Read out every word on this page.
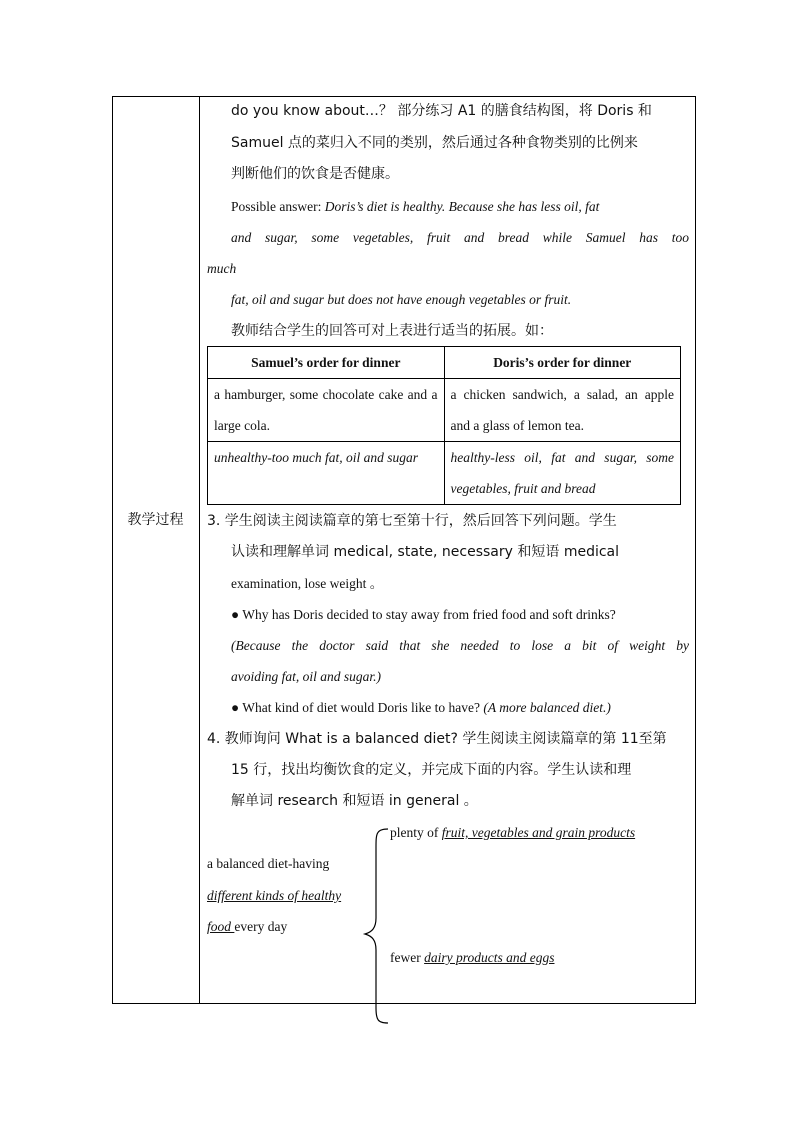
教学过程
do you know about…？ 部分练习 A1 的膳食结构图，将 Doris 和
Samuel 点的菜归入不同的类别，然后通过各种食物类别的比例来
判断他们的饮食是否健康。
Possible answer: Doris’s diet is healthy. Because she has less oil, fat
and sugar, some vegetables, fruit and bread while Samuel has too
much
fat, oil and sugar but does not have enough vegetables or fruit.
教师结合学生的回答可对上表进行适当的拓展。如：
Samuel’s order for dinner	Doris’s order for dinner
a hamburger, some chocolate cake and a large cola.	a chicken sandwich, a salad, an apple and a glass of lemon tea.
unhealthy-too much fat, oil and sugar	healthy-less oil, fat and sugar, some vegetables, fruit and bread
3. 学生阅读主阅读篇章的第七至第十行，然后回答下列问题。学生
认读和理解单词 medical, state, necessary 和短语 medical
examination, lose weight 。
● Why has Doris decided to stay away from fried food and soft drinks?
(Because the doctor said that she needed to lose a bit of weight by
avoiding fat, oil and sugar.)
● What kind of diet would Doris like to have? (A more balanced diet.)
4. 教师询问 What is a balanced diet? 学生阅读主阅读篇章的第 11至第
15 行，找出均衡饮食的定义，并完成下面的内容。学生认读和理
解单词 research 和短语 in general 。
a balanced diet-having
different kinds of healthy
food every day
plenty of fruit, vegetables and grain products
fewer dairy products and eggs
